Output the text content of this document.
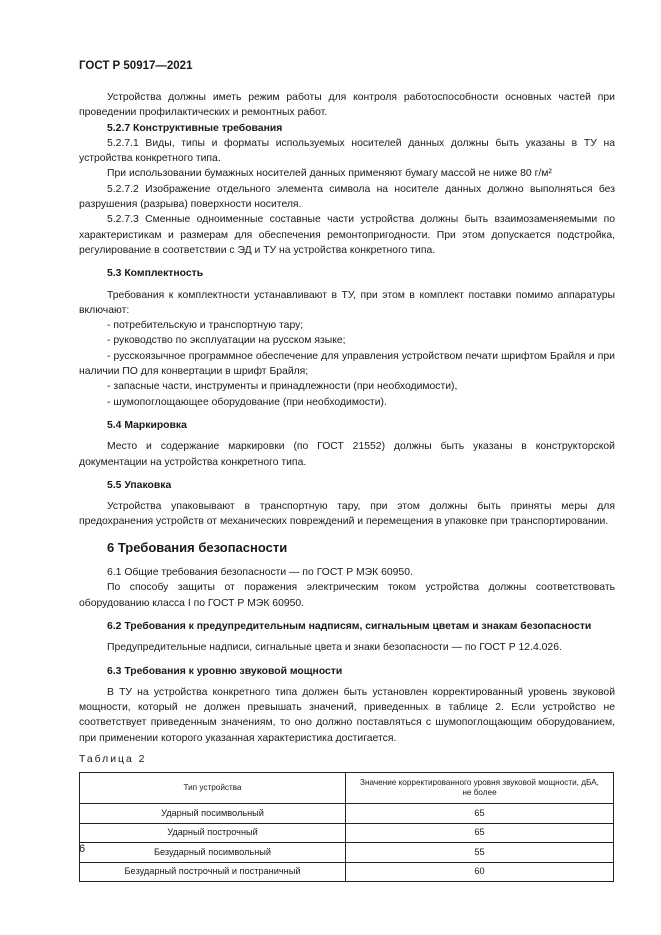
ГОСТ Р 50917—2021

Устройства должны иметь режим работы для контроля работоспособности основных частей при проведении профилактических и ремонтных работ.

5.2.7 Конструктивные требования

5.2.7.1 Виды, типы и форматы используемых носителей данных должны быть указаны в ТУ на устройства конкретного типа.

При использовании бумажных носителей данных применяют бумагу массой не ниже 80 г/м²

5.2.7.2 Изображение отдельного элемента символа на носителе данных должно выполняться без разрушения (разрыва) поверхности носителя.

5.2.7.3 Сменные одноименные составные части устройства должны быть взаимозаменяемыми по характеристикам и размерам для обеспечения ремонтопригодности. При этом допускается подстройка, регулирование в соответствии с ЭД и ТУ на устройства конкретного типа.

5.3 Комплектность

Требования к комплектности устанавливают в ТУ, при этом в комплект поставки помимо аппаратуры включают:

- потребительскую и транспортную тару;

- руководство по эксплуатации на русском языке;

- русскоязычное программное обеспечение для управления устройством печати шрифтом Брайля и при наличии ПО для конвертации в шрифт Брайля;

- запасные части, инструменты и принадлежности (при необходимости),

- шумопоглощающее оборудование (при необходимости).

5.4 Маркировка

Место и содержание маркировки (по ГОСТ 21552) должны быть указаны в конструкторской документации на устройства конкретного типа.

5.5 Упаковка

Устройства упаковывают в транспортную тару, при этом должны быть приняты меры для предохранения устройств от механических повреждений и перемещения в упаковке при транспортировании.

6 Требования безопасности

6.1 Общие требования безопасности — по ГОСТ Р МЭК 60950.

По способу защиты от поражения электрическим током устройства должны соответствовать оборудованию класса I по ГОСТ Р МЭК 60950.

6.2 Требования к предупредительным надписям, сигнальным цветам и знакам безопасности

Предупредительные надписи, сигнальные цвета и знаки безопасности — по ГОСТ Р 12.4.026.

6.3 Требования к уровню звуковой мощности

В ТУ на устройства конкретного типа должен быть установлен корректированный уровень звуковой мощности, который не должен превышать значений, приведенных в таблице 2. Если устройство не соответствует приведенным значениям, то оно должно поставляться с шумопоглощающим оборудованием, при применении которого указанная характеристика достигается.

Таблица 2
Тип устройства	Значение корректированного уровня звуковой мощности, дБА, не более
Ударный посимвольный	65
Ударный построчный	65
Безударный посимвольный	55
Безударный построчный и постраничный	60
6
